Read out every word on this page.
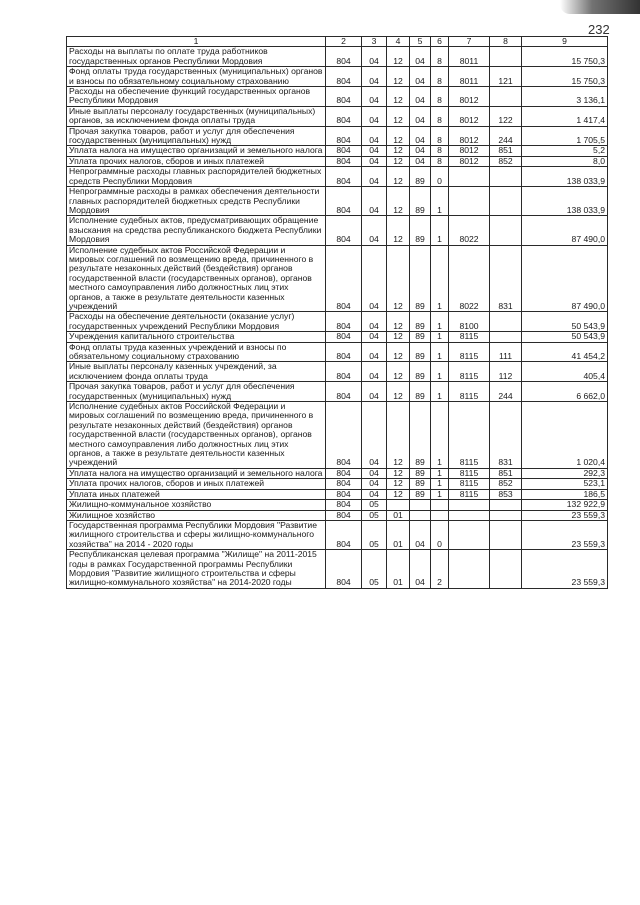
232
1	2	3	4	5	6	7	8	9
Расходы на выплаты по оплате труда работников государственных органов Республики Мордовия	804	04	12	04	8	8011		15 750,3
Фонд оплаты труда государственных (муниципальных) органов и взносы по обязательному социальному страхованию	804	04	12	04	8	8011	121	15 750,3
Расходы на обеспечение функций государственных органов Республики Мордовия	804	04	12	04	8	8012		3 136,1
Иные выплаты персоналу государственных (муниципальных) органов, за исключением фонда оплаты труда	804	04	12	04	8	8012	122	1 417,4
Прочая закупка товаров, работ и услуг для обеспечения государственных (муниципальных) нужд	804	04	12	04	8	8012	244	1 705,5
Уплата налога на имущество организаций и земельного налога	804	04	12	04	8	8012	851	5,2
Уплата прочих налогов, сборов и иных платежей	804	04	12	04	8	8012	852	8,0
Непрограммные расходы главных распорядителей бюджетных средств Республики Мордовия	804	04	12	89	0			138 033,9
Непрограммные расходы в рамках обеспечения деятельности главных распорядителей бюджетных средств Республики Мордовия	804	04	12	89	1			138 033,9
Исполнение судебных актов, предусматривающих обращение взыскания на средства республиканского бюджета Республики Мордовия	804	04	12	89	1	8022		87 490,0
Исполнение судебных актов Российской Федерации и мировых соглашений по возмещению вреда, причиненного в результате незаконных действий (бездействия) органов государственной власти (государственных органов), органов местного самоуправления либо должностных лиц этих органов, а также в результате деятельности казенных учреждений	804	04	12	89	1	8022	831	87 490,0
Расходы на обеспечение деятельности (оказание услуг) государственных учреждений Республики Мордовия	804	04	12	89	1	8100		50 543,9
Учреждения капитального строительства	804	04	12	89	1	8115		50 543,9
Фонд оплаты труда казенных учреждений и взносы по обязательному социальному страхованию	804	04	12	89	1	8115	111	41 454,2
Иные выплаты персоналу казенных учреждений, за исключением фонда оплаты труда	804	04	12	89	1	8115	112	405,4
Прочая закупка товаров, работ и услуг для обеспечения государственных (муниципальных) нужд	804	04	12	89	1	8115	244	6 662,0
Исполнение судебных актов Российской Федерации и мировых соглашений по возмещению вреда, причиненного в результате незаконных действий (бездействия) органов государственной власти (государственных органов), органов местного самоуправления либо должностных лиц этих органов, а также в результате деятельности казенных учреждений	804	04	12	89	1	8115	831	1 020,4
Уплата налога на имущество организаций и земельного налога	804	04	12	89	1	8115	851	292,3
Уплата прочих налогов, сборов и иных платежей	804	04	12	89	1	8115	852	523,1
Уплата иных платежей	804	04	12	89	1	8115	853	186,5
Жилищно-коммунальное хозяйство	804	05						132 922,9
Жилищное хозяйство	804	05	01					23 559,3
Государственная программа Республики Мордовия "Развитие жилищного строительства и сферы жилищно-коммунального хозяйства" на 2014 - 2020 годы	804	05	01	04	0			23 559,3
Республиканская целевая программа "Жилище" на 2011-2015 годы в рамках Государственной программы Республики Мордовия "Развитие жилищного строительства и сферы жилищно-коммунального хозяйства" на 2014-2020 годы	804	05	01	04	2			23 559,3
